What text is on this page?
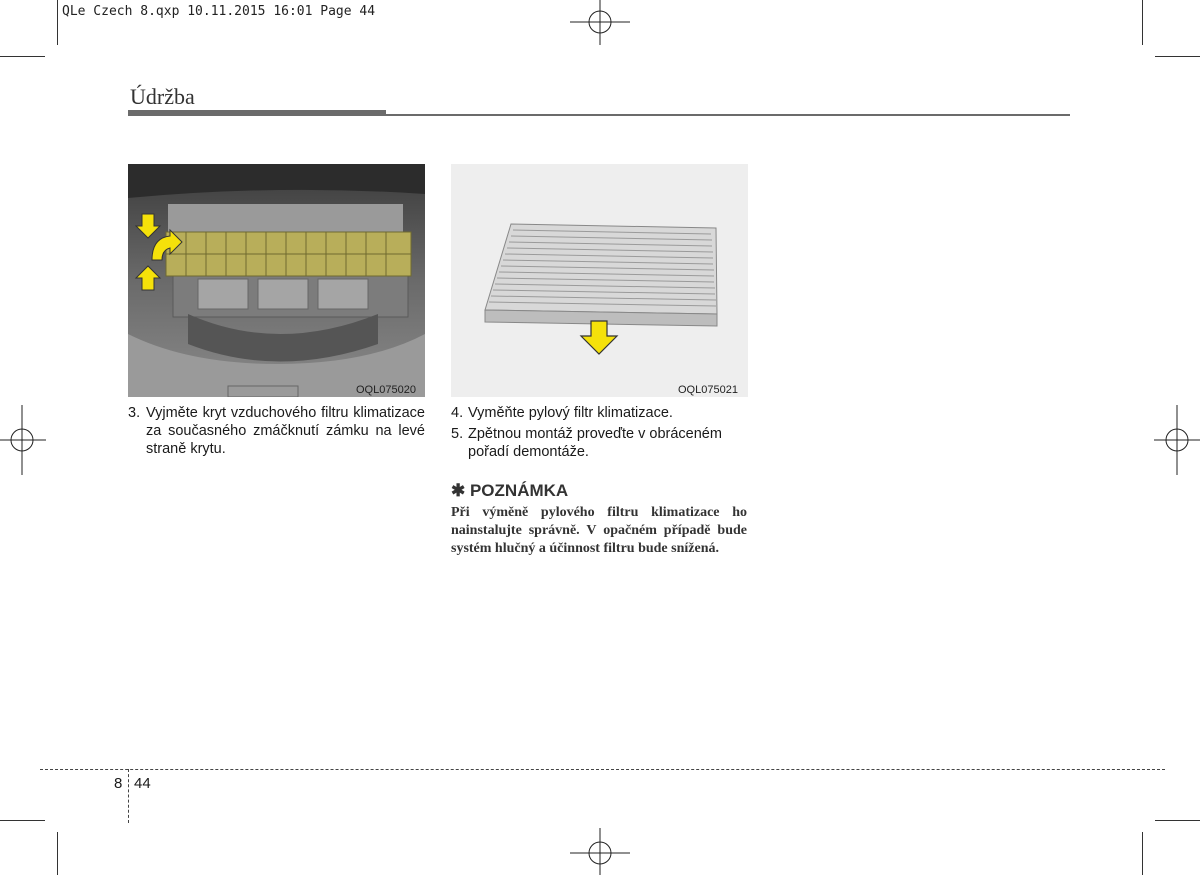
QLe Czech 8.qxp 10.11.2015 16:01 Page 44
Údržba
OQL075020	OQL075021
3. Vyjměte kryt vzduchového filtru klimatizace za současného zmáčknutí zámku na levé straně krytu.
4. Vyměňte pylový filtr klimatizace.
5. Zpětnou montáž proveďte v obráceném pořadí demontáže.
✱ POZNÁMKA
Při výměně pylového filtru klimatizace ho nainstalujte správně. V opačném případě bude systém hlučný a účinnost filtru bude snížená.
8 44
